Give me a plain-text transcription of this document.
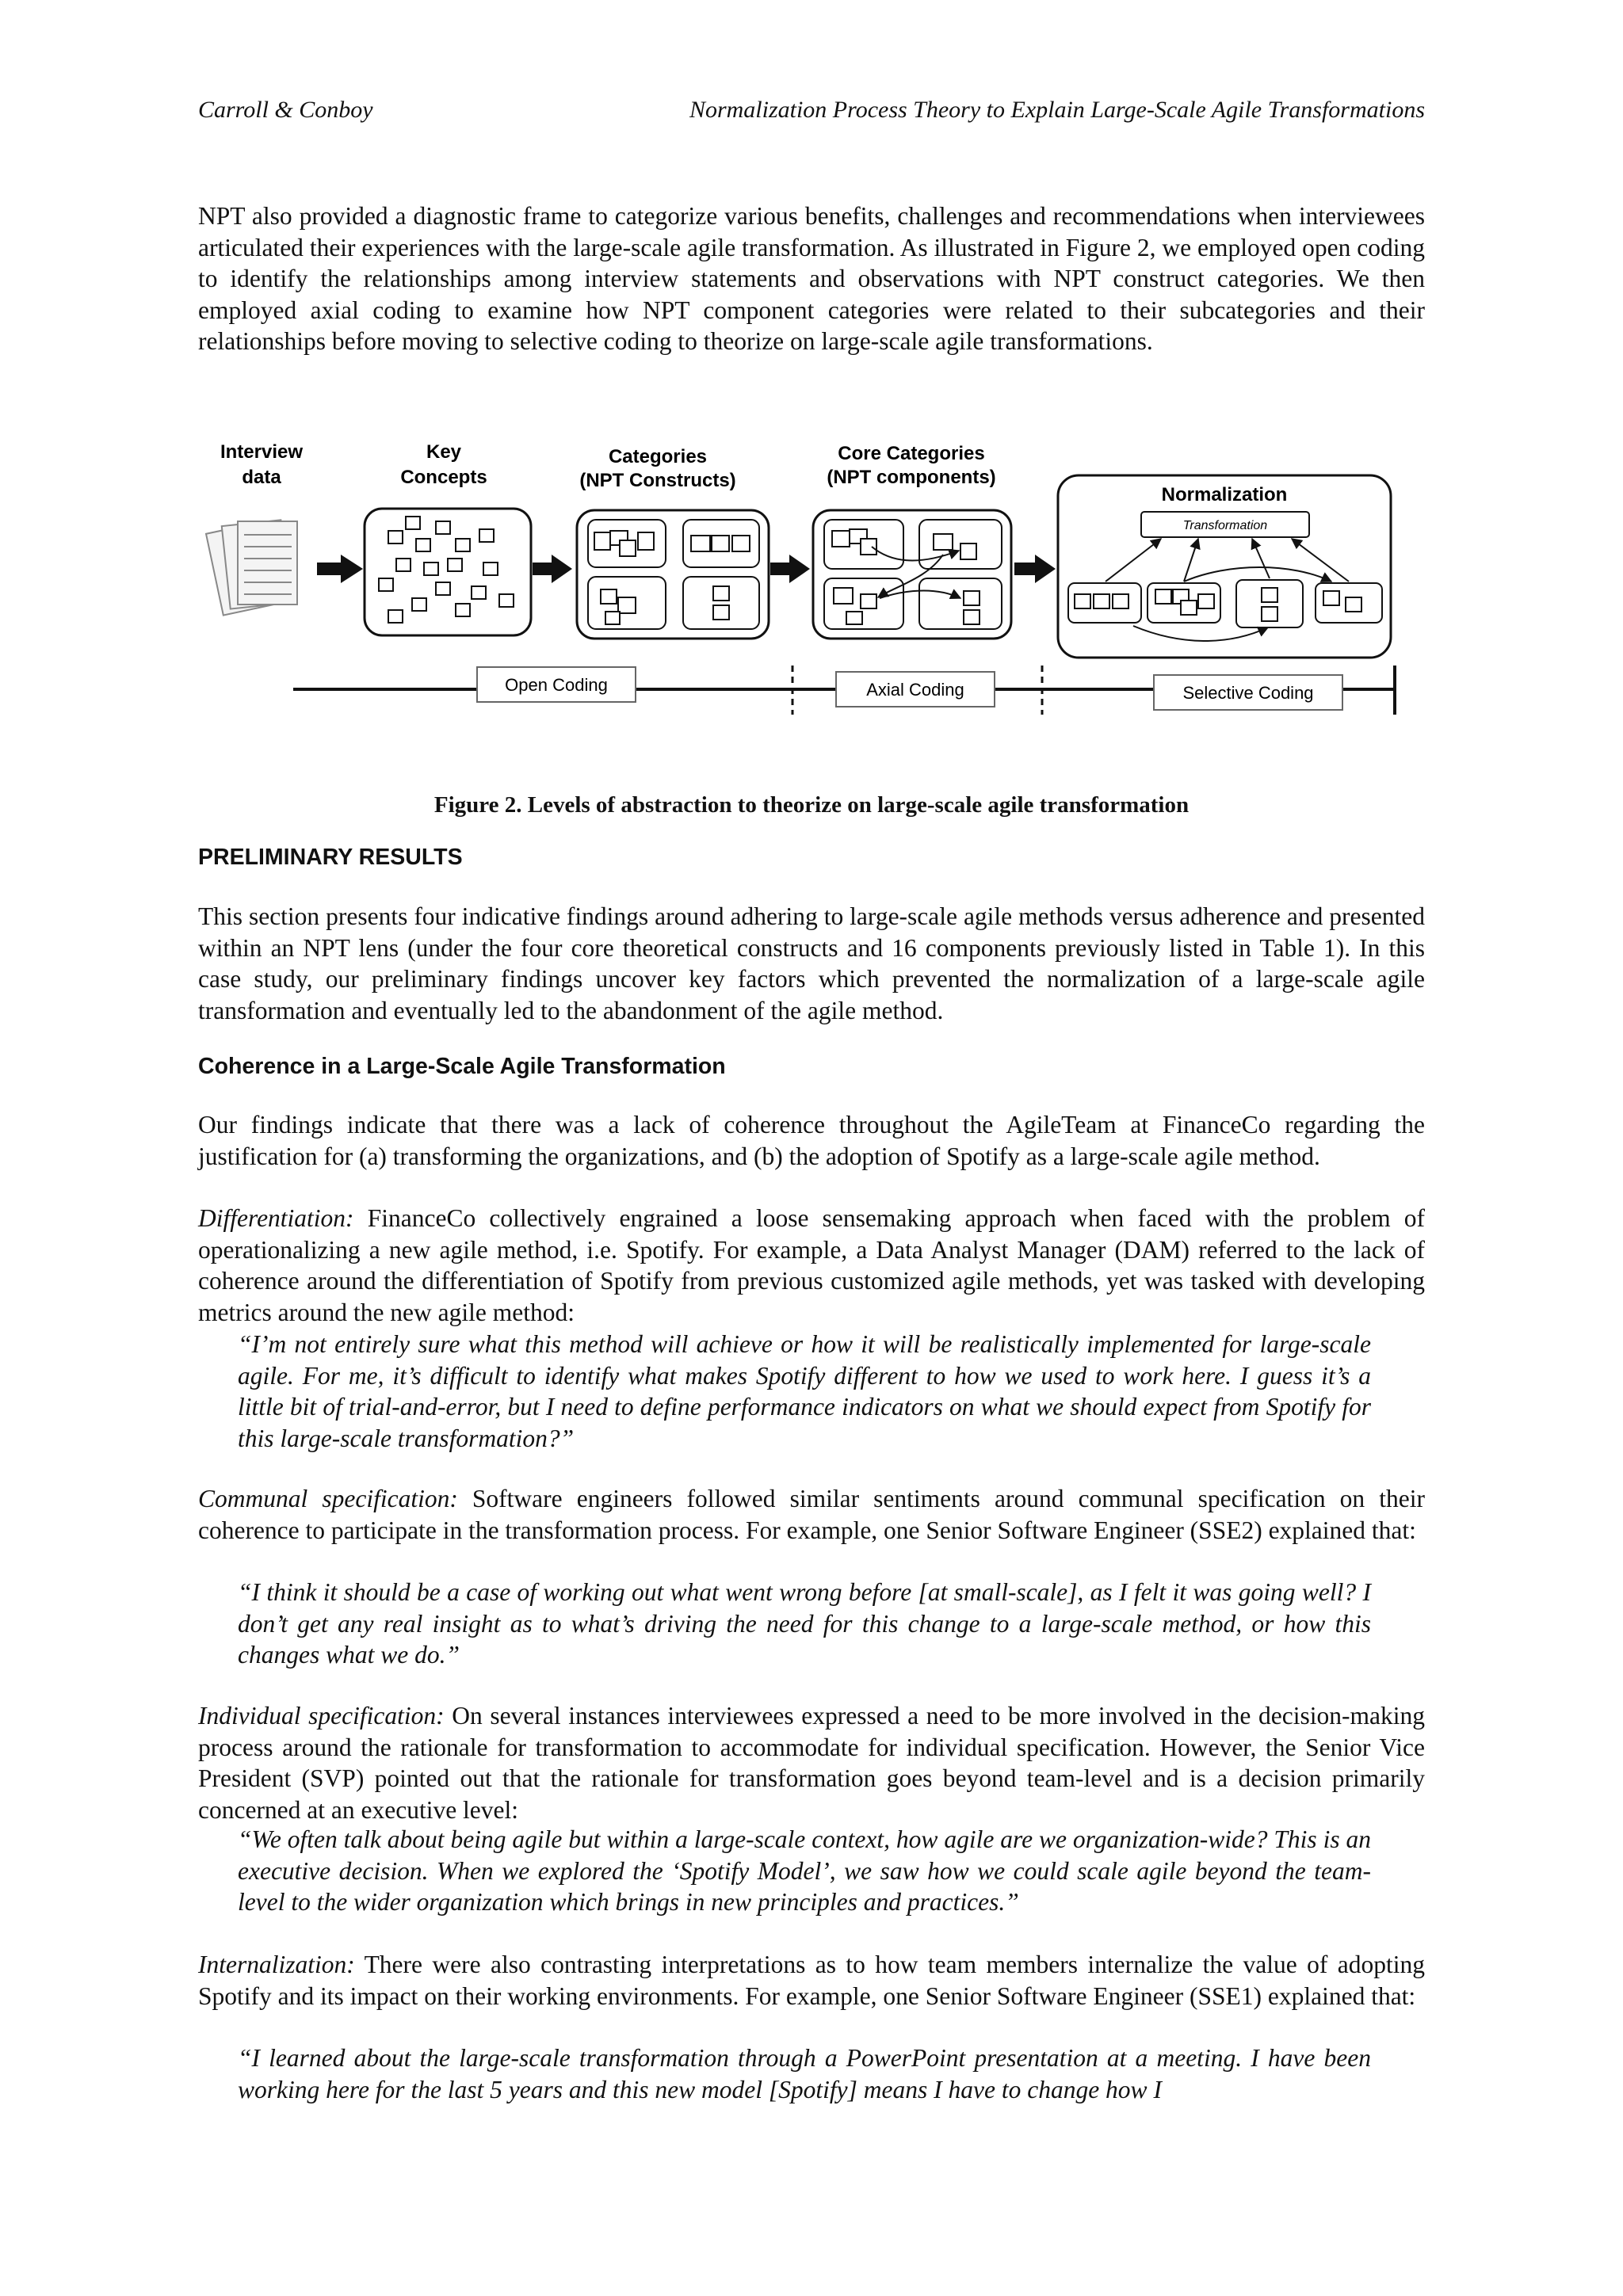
Carroll & Conboy	Normalization Process Theory to Explain Large-Scale Agile Transformations

NPT also provided a diagnostic frame to categorize various benefits, challenges and recommendations when interviewees articulated their experiences with the large-scale agile transformation. As illustrated in Figure 2, we employed open coding to identify the relationships among interview statements and observations with NPT construct categories. We then employed axial coding to examine how NPT component categories were related to their subcategories and their relationships before moving to selective coding to theorize on large-scale agile transformations.

Interview
data
Key
Concepts
Categories
(NPT Constructs)
Core Categories
(NPT components)
Normalization
Transformation
Open Coding	Axial Coding	Selective Coding
Figure 2. Levels of abstraction to theorize on large-scale agile transformation
PRELIMINARY RESULTS

This section presents four indicative findings around adhering to large-scale agile methods versus adherence and presented within an NPT lens (under the four core theoretical constructs and 16 components previously listed in Table 1). In this case study, our preliminary findings uncover key factors which prevented the normalization of a large-scale agile transformation and eventually led to the abandonment of the agile method.

Coherence in a Large-Scale Agile Transformation

Our findings indicate that there was a lack of coherence throughout the AgileTeam at FinanceCo regarding the justification for (a) transforming the organizations, and (b) the adoption of Spotify as a large-scale agile method.

Differentiation: FinanceCo collectively engrained a loose sensemaking approach when faced with the problem of operationalizing a new agile method, i.e. Spotify. For example, a Data Analyst Manager (DAM) referred to the lack of coherence around the differentiation of Spotify from previous customized agile methods, yet was tasked with developing metrics around the new agile method:

“I’m not entirely sure what this method will achieve or how it will be realistically implemented for large-scale agile. For me, it’s difficult to identify what makes Spotify different to how we used to work here. I guess it’s a little bit of trial-and-error, but I need to define performance indicators on what we should expect from Spotify for this large-scale transformation?”

Communal specification: Software engineers followed similar sentiments around communal specification on their coherence to participate in the transformation process. For example, one Senior Software Engineer (SSE2) explained that:

“I think it should be a case of working out what went wrong before [at small-scale], as I felt it was going well? I don’t get any real insight as to what’s driving the need for this change to a large-scale method, or how this changes what we do.”

Individual specification: On several instances interviewees expressed a need to be more involved in the decision-making process around the rationale for transformation to accommodate for individual specification. However, the Senior Vice President (SVP) pointed out that the rationale for transformation goes beyond team-level and is a decision primarily concerned at an executive level:

“We often talk about being agile but within a large-scale context, how agile are we organization-wide? This is an executive decision. When we explored the ‘Spotify Model’, we saw how we could scale agile beyond the team-level to the wider organization which brings in new principles and practices.”

Internalization: There were also contrasting interpretations as to how team members internalize the value of adopting Spotify and its impact on their working environments. For example, one Senior Software Engineer (SSE1) explained that:

“I learned about the large-scale transformation through a PowerPoint presentation at a meeting. I have been working here for the last 5 years and this new model [Spotify] means I have to change how I
